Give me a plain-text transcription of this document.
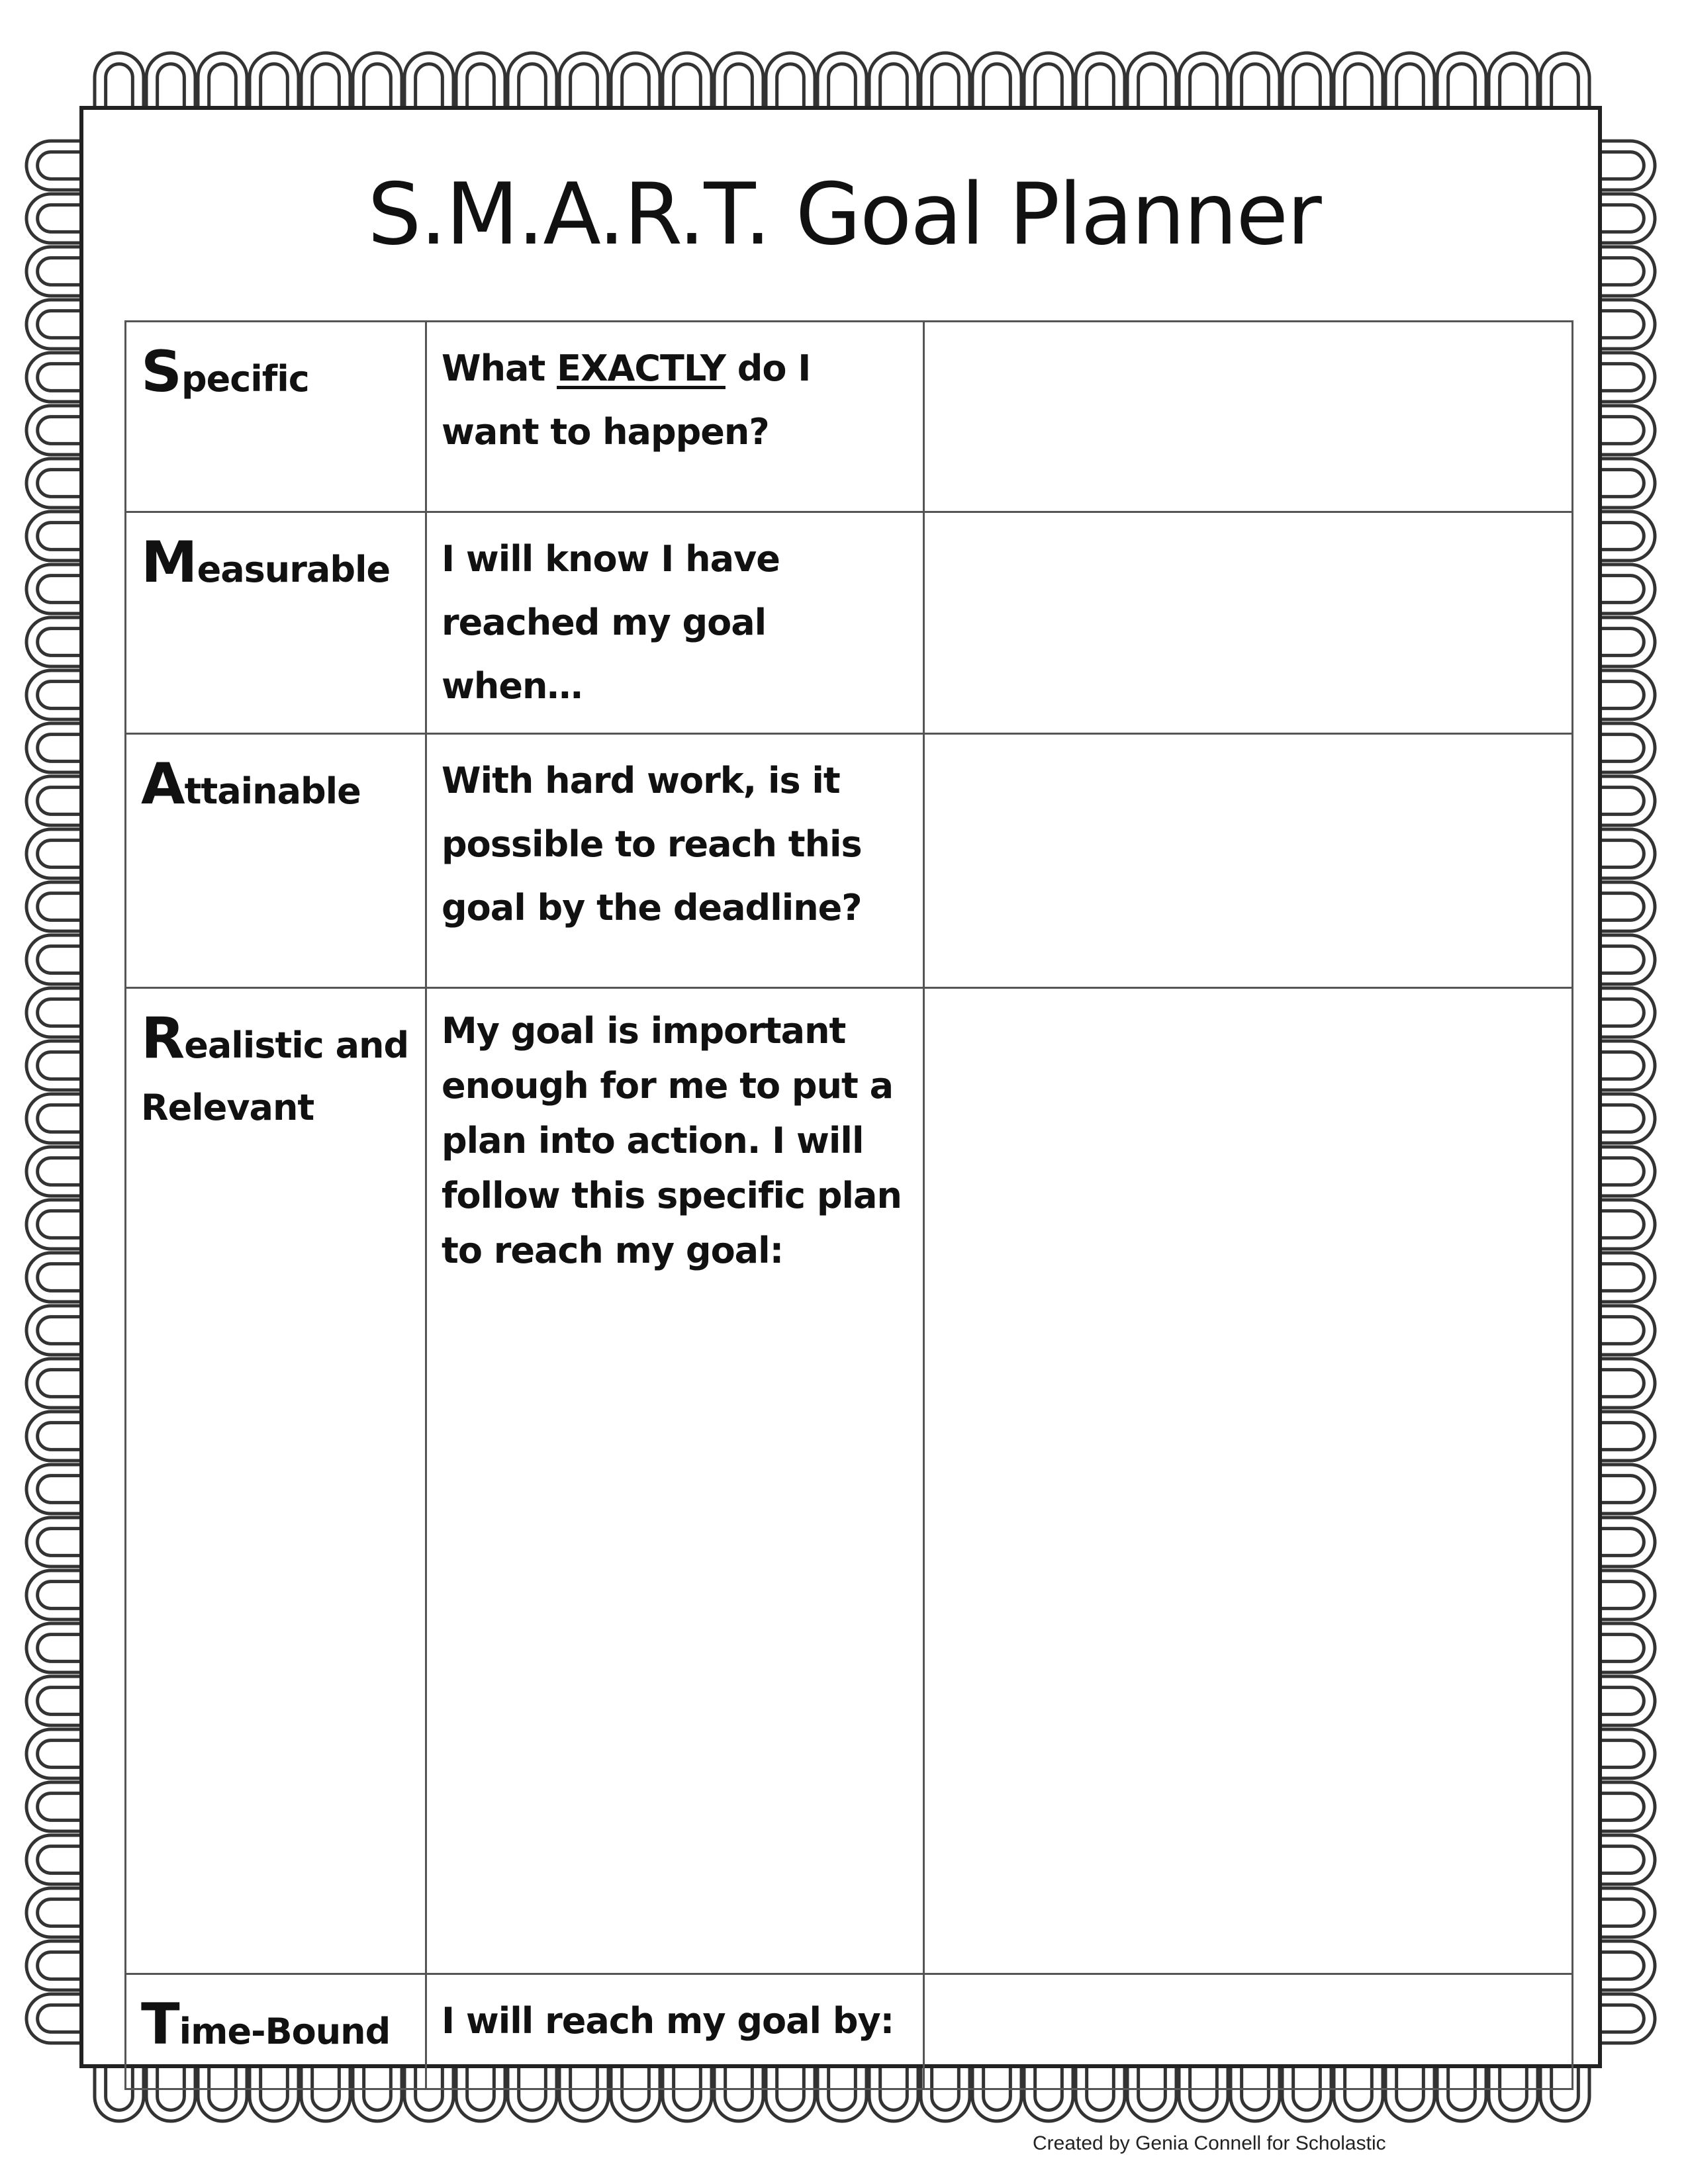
S.M.A.R.T. Goal Planner
Specific	What EXACTLY do I want to happen?	

Measurable	I will know I have reached my goal when…	

Attainable	With hard work, is it possible to reach this goal by the deadline?	

Realistic and Relevant	My goal is important enough for me to put a plan into action. I will follow this specific plan to reach my goal:	

Time-Bound	I will reach my goal by:	

Created by Genia Connell for Scholastic
